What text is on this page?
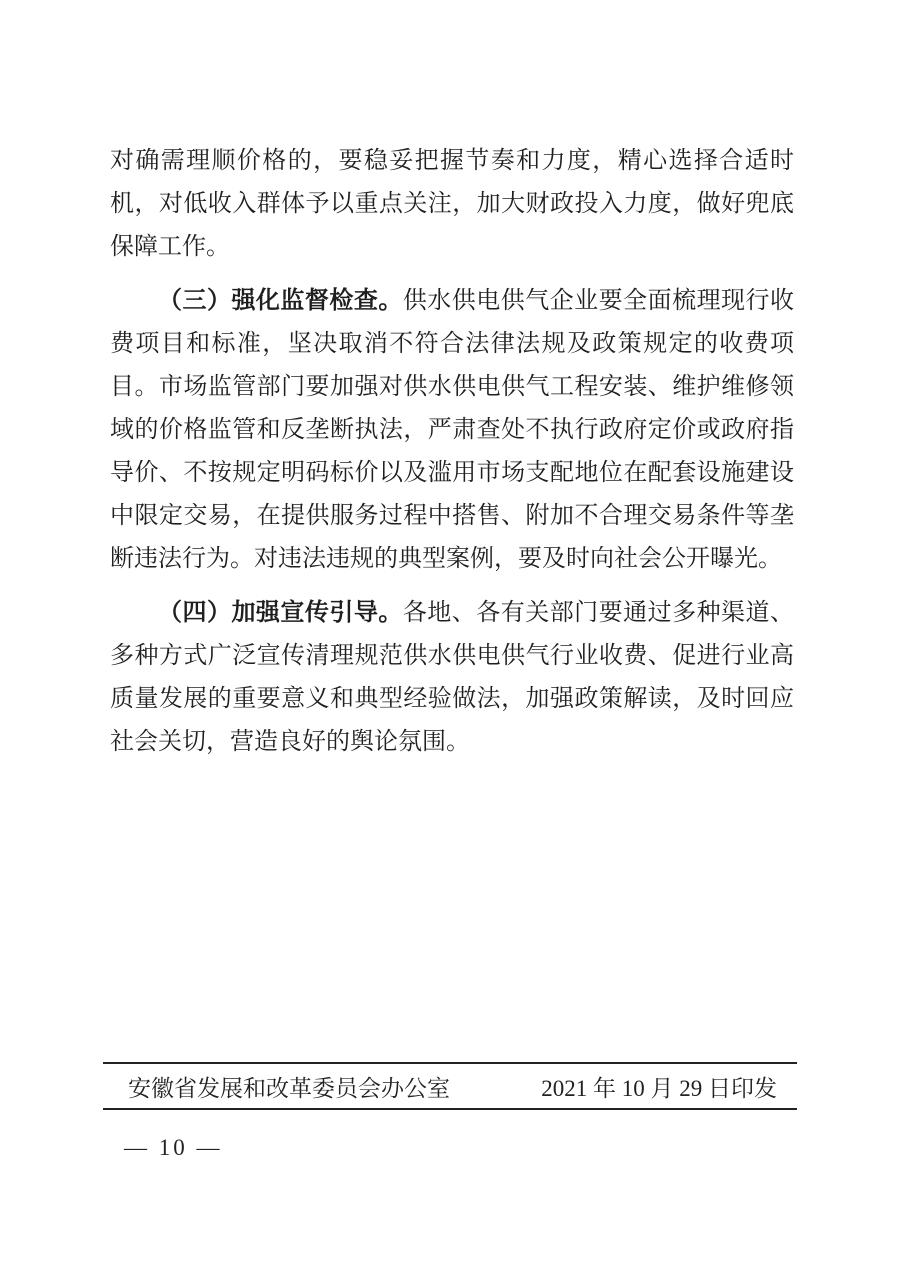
对确需理顺价格的，要稳妥把握节奏和力度，精心选择合适时机，对低收入群体予以重点关注，加大财政投入力度，做好兜底保障工作。

（三）强化监督检查。供水供电供气企业要全面梳理现行收费项目和标准，坚决取消不符合法律法规及政策规定的收费项目。市场监管部门要加强对供水供电供气工程安装、维护维修领域的价格监管和反垄断执法，严肃查处不执行政府定价或政府指导价、不按规定明码标价以及滥用市场支配地位在配套设施建设中限定交易，在提供服务过程中搭售、附加不合理交易条件等垄断违法行为。对违法违规的典型案例，要及时向社会公开曝光。

（四）加强宣传引导。各地、各有关部门要通过多种渠道、多种方式广泛宣传清理规范供水供电供气行业收费、促进行业高质量发展的重要意义和典型经验做法，加强政策解读，及时回应社会关切，营造良好的舆论氛围。

安徽省发展和改革委员会办公室	2021 年 10 月 29 日印发
— 10 —
